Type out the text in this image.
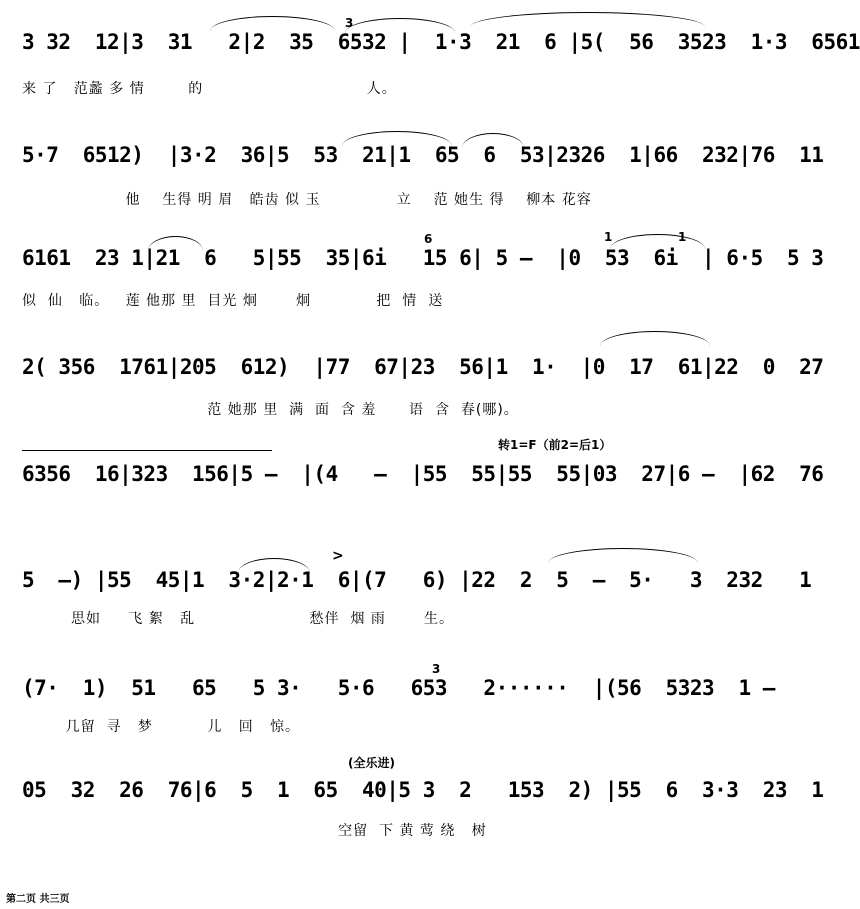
3 32  12|3  31   2|2  35  6532 |  1·3  21  6 |5(  56  3523  1·3  6561
来 了   范蠡 多 情        的                              人。
3
5·7  6512)  |3·2  36|5  53  21|1  65  6  53|2326  1|66  232|76  11
他    生得 明 眉   皓齿 似 玉              立    范 她生 得    柳本 花容
6161  23 1|21  6   5|55  35|6i   15 6| 5 –  |0  53  6i  | 6·5  5 3
似  仙   临。   莲 他那 里  目光 炯       炯            把  情  送
6	1	1
2( 356  1761|205  612)  |77  67|23  56|1  1·  |0  17  61|22  0  27
范 她那 里  满  面  含 羞      语  含  春(哪)。
6356  16|323  156|5 –  |(4   –  |55  55|55  55|03  27|6 –  |62  76
转1=F（前2=后1）
5  –) |55  45|1  3·2|2·1  6|(7   6) |22  2  5  –  5·   3  232   1
思如     飞 絮   乱                     愁伴  烟 雨       生。
>
(7·  1)  51   65   5 3·   5·6   653   2······  |(56  5323  1 –
几留  寻   梦          儿   回   惊。
3
05  32  26  76|6  5  1  65  40|5 3  2   153  2) |55  6  3·3  23  1
空留  下 黄 莺 绕   树
(全乐进)
第二页 共三页
